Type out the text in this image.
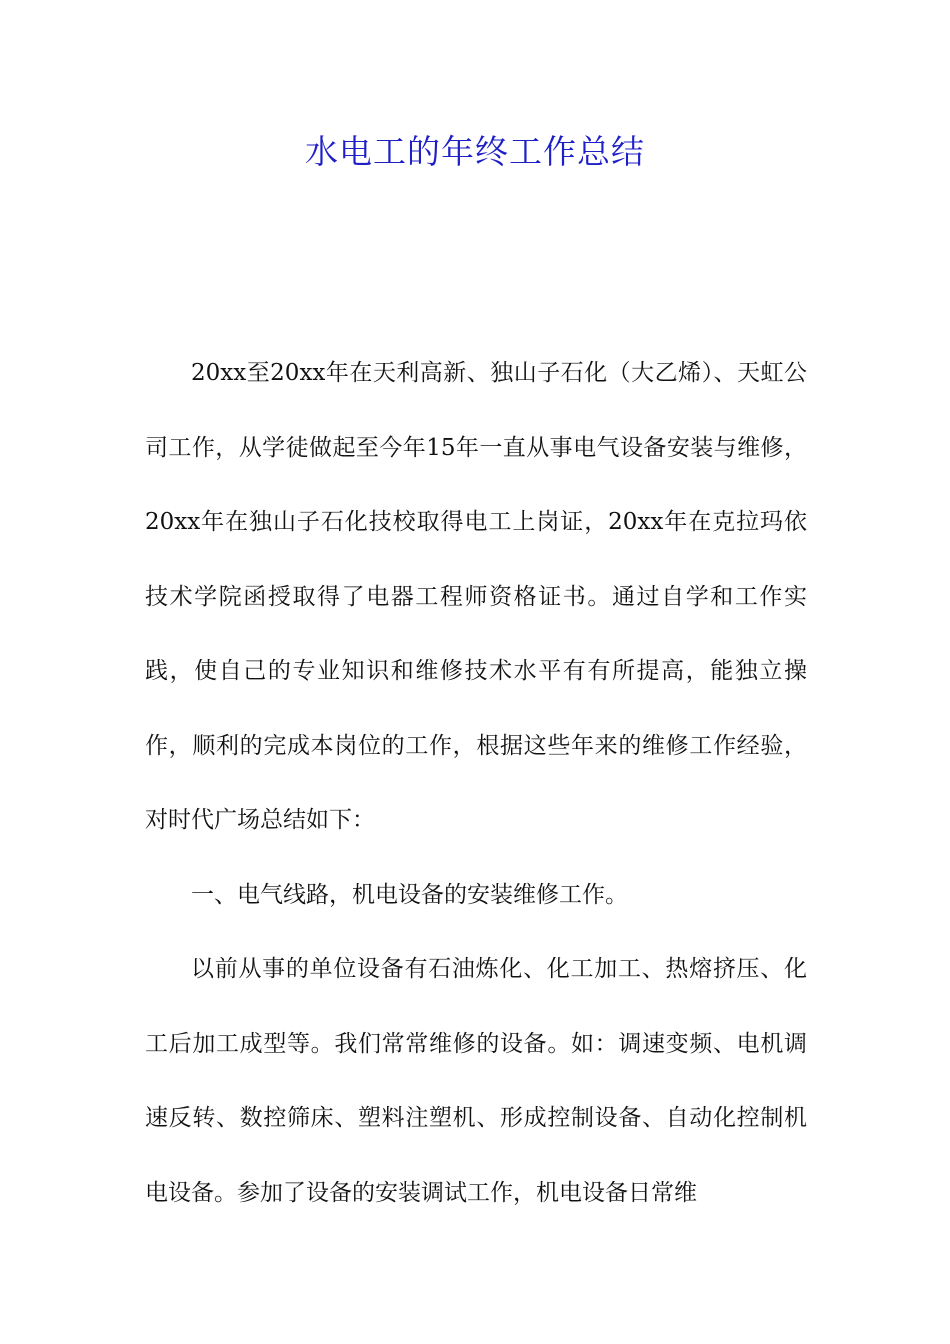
水电工的年终工作总结

20xx至20xx年在天利高新、独山子石化（大乙烯）、天虹公司工作，从学徒做起至今年15年一直从事电气设备安装与维修，20xx年在独山子石化技校取得电工上岗证，20xx年在克拉玛依技术学院函授取得了电器工程师资格证书。通过自学和工作实践，使自己的专业知识和维修技术水平有有所提高，能独立操作，顺利的完成本岗位的工作，根据这些年来的维修工作经验，对时代广场总结如下：

一、电气线路，机电设备的安装维修工作。

以前从事的单位设备有石油炼化、化工加工、热熔挤压、化工后加工成型等。我们常常维修的设备。如：调速变频、电机调速反转、数控筛床、塑料注塑机、形成控制设备、自动化控制机电设备。参加了设备的安装调试工作，机电设备日常维
